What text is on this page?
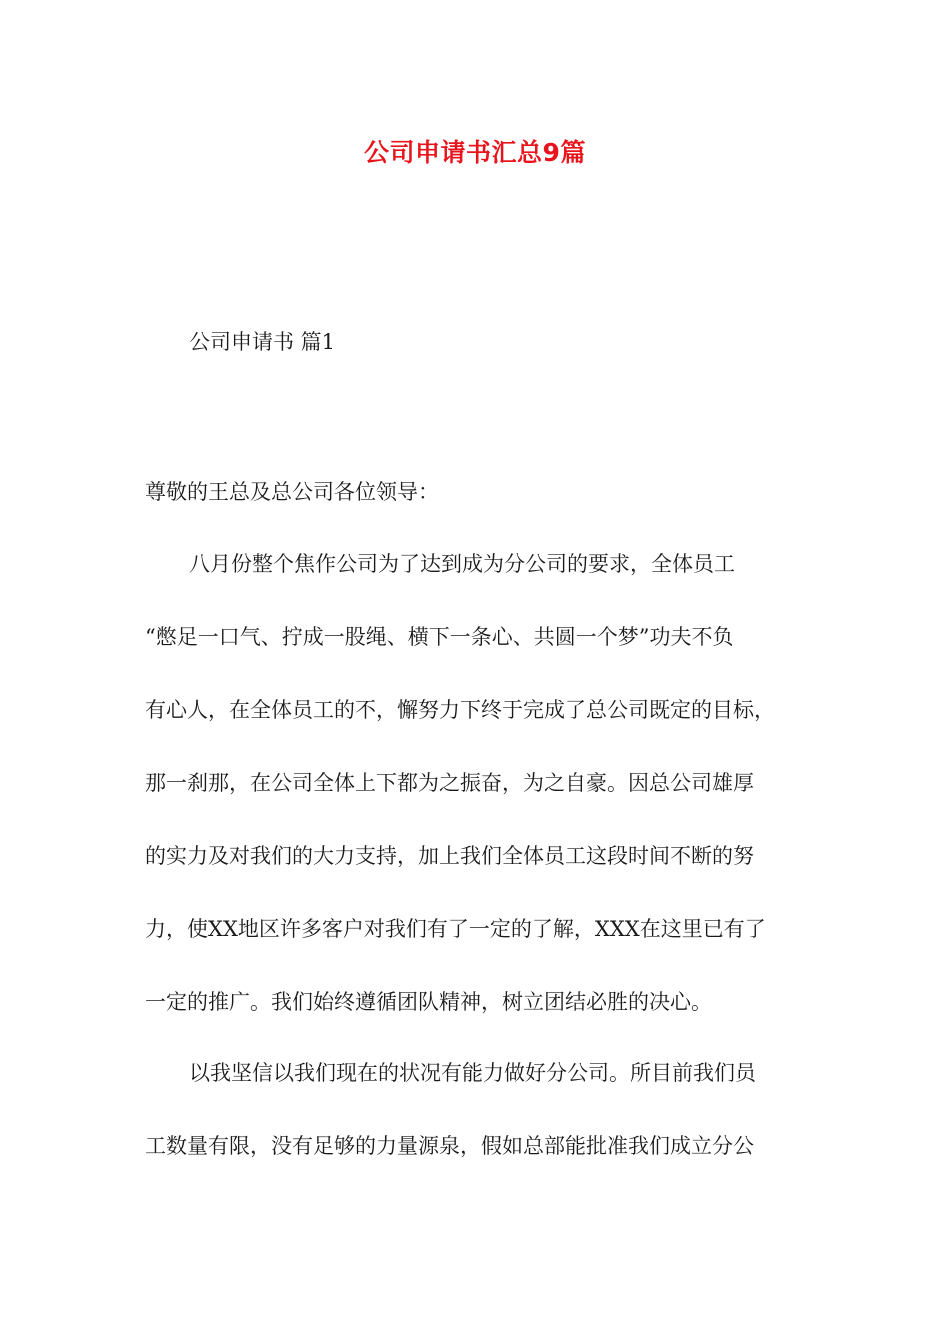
公司申请书汇总9篇
公司申请书 篇1
尊敬的王总及总公司各位领导：
八月份整个焦作公司为了达到成为分公司的要求，全体员工
“憋足一口气、拧成一股绳、横下一条心、共圆一个梦”功夫不负
有心人，在全体员工的不，懈努力下终于完成了总公司既定的目标，
那一刹那，在公司全体上下都为之振奋，为之自豪。因总公司雄厚
的实力及对我们的大力支持，加上我们全体员工这段时间不断的努
力，使XX地区许多客户对我们有了一定的了解，XXX在这里已有了
一定的推广。我们始终遵循团队精神，树立团结必胜的决心。
以我坚信以我们现在的状况有能力做好分公司。所目前我们员
工数量有限，没有足够的力量源泉，假如总部能批准我们成立分公
